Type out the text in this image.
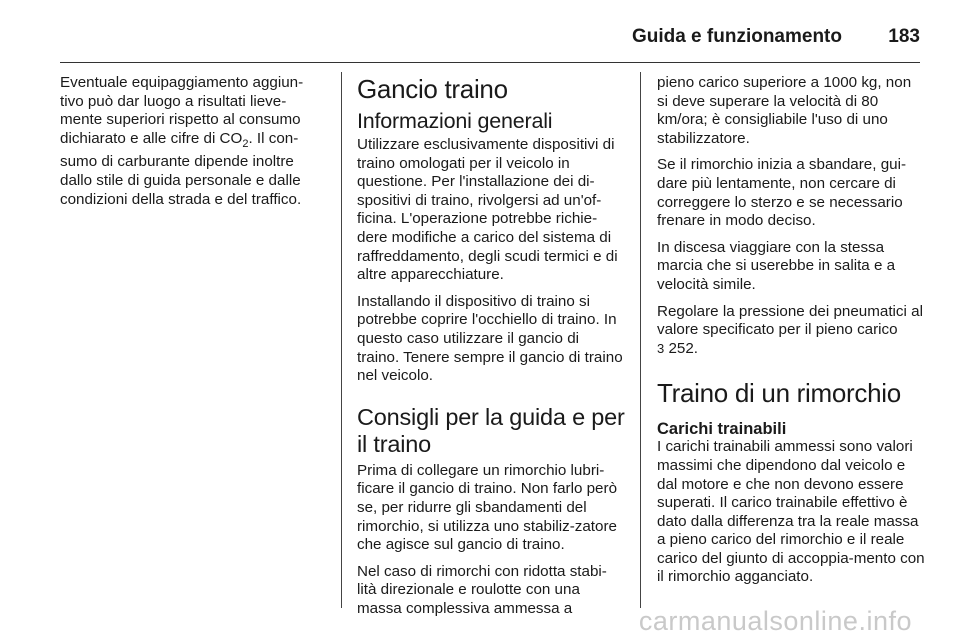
Guida e funzionamento 183

Eventuale equipaggiamento aggiun-tivo può dar luogo a risultati lieve-mente superiori rispetto al consumo dichiarato e alle cifre di $CO_2$. Il con-sumo di carburante dipende inoltre dallo stile di guida personale e dalle condizioni della strada e del traffico.

Gancio traino
Informazioni generali

Utilizzare esclusivamente dispositivi di traino omologati per il veicolo in questione. Per l'installazione dei di-spositivi di traino, rivolgersi ad un'of-ficina. L'operazione potrebbe richie-dere modifiche a carico del sistema di raffreddamento, degli scudi termici e di altre apparecchiature.

Installando il dispositivo di traino si potrebbe coprire l'occhiello di traino. In questo caso utilizzare il gancio di traino. Tenere sempre il gancio di traino nel veicolo.

Consigli per la guida e per il traino

Prima di collegare un rimorchio lubri-ficare il gancio di traino. Non farlo però se, per ridurre gli sbandamenti del rimorchio, si utilizza uno stabiliz-zatore che agisce sul gancio di traino.

Nel caso di rimorchi con ridotta stabi-lità direzionale e roulotte con una massa complessiva ammessa a

pieno carico superiore a 1000 kg, non si deve superare la velocità di 80 km/ora; è consigliabile l'uso di uno stabilizzatore.

Se il rimorchio inizia a sbandare, gui-dare più lentamente, non cercare di correggere lo sterzo e se necessario frenare in modo deciso.

In discesa viaggiare con la stessa marcia che si userebbe in salita e a velocità simile.

Regolare la pressione dei pneumatici al valore specificato per il pieno carico
3 252.

Traino di un rimorchio
Carichi trainabili

I carichi trainabili ammessi sono valori massimi che dipendono dal veicolo e dal motore e che non devono essere superati. Il carico trainabile effettivo è dato dalla differenza tra la reale massa a pieno carico del rimorchio e il reale carico del giunto di accoppia-mento con il rimorchio agganciato.

carmanualsonline.info
